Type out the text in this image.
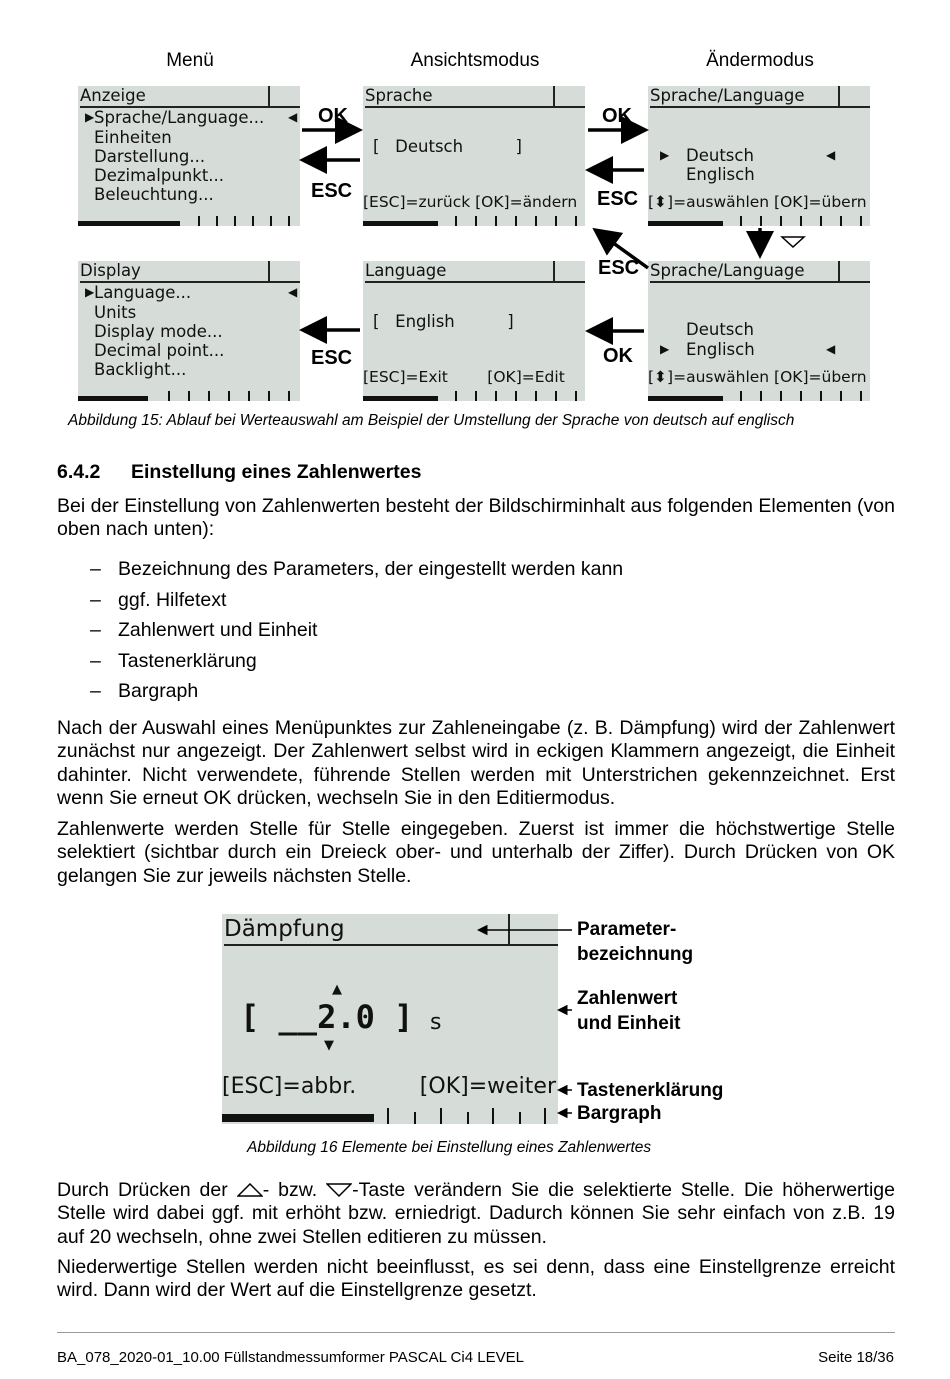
Menü	Ansichtsmodus	Ändermodus
Anzeige
▶ Sprache/Language... ◀
Einheiten
Darstellung...
Dezimalpunkt...
Beleuchtung...
Sprache
[   Deutsch          ]
[ESC]=zurück [OK]=ändern
Sprache/Language
▶ Deutsch	◀
Englisch
[⬍]=auswählen [OK]=übern
Display
▶ Language...	◀
Units
Display mode...
Decimal point...
Backlight...
Language
[   English          ]
[ESC]=Exit        [OK]=Edit
Sprache/Language
Deutsch
▶ Englisch	◀
[⬍]=auswählen [OK]=übern
OK
ESC
OK
ESC
ESC
OK
ESC
Abbildung 15: Ablauf bei Werteauswahl am Beispiel der Umstellung der Sprache von deutsch auf englisch
6.4.2 Einstellung eines Zahlenwertes

Bei der Einstellung von Zahlenwerten besteht der Bildschirminhalt aus folgenden Elementen (von oben nach unten):

– Bezeichnung des Parameters, der eingestellt werden kann
– ggf. Hilfetext
– Zahlenwert und Einheit
– Tastenerklärung
– Bargraph

Nach der Auswahl eines Menüpunktes zur Zahleneingabe (z. B. Dämpfung) wird der Zahlenwert zunächst nur angezeigt. Der Zahlenwert selbst wird in eckigen Klammern angezeigt, die Einheit dahinter. Nicht verwendete, führende Stellen werden mit Unterstrichen gekennzeichnet. Erst wenn Sie erneut OK drücken, wechseln Sie in den Editiermodus.

Zahlenwerte werden Stelle für Stelle eingegeben. Zuerst ist immer die höchstwertige Stelle selektiert (sichtbar durch ein Dreieck ober- und unterhalb der Ziffer). Durch Drücken von OK gelangen Sie zur jeweils nächsten Stelle.

Dämpfung
▲
[ __2.0 ] s
▼
[ESC]=abbr.	[OK]=weiter
Parameter-
bezeichnung
Zahlenwert
und Einheit
Tastenerklärung
Bargraph
Abbildung 16 Elemente bei Einstellung eines Zahlenwertes

Durch Drücken der - bzw. -Taste verändern Sie die selektierte Stelle. Die höherwertige Stelle wird dabei ggf. mit erhöht bzw. erniedrigt. Dadurch können Sie sehr einfach von z.B. 19 auf 20 wechseln, ohne zwei Stellen editieren zu müssen.

Niederwertige Stellen werden nicht beeinflusst, es sei denn, dass eine Einstellgrenze erreicht wird. Dann wird der Wert auf die Einstellgrenze gesetzt.

BA_078_2020-01_10.00 Füllstandmessumformer PASCAL Ci4 LEVEL	Seite 18/36
